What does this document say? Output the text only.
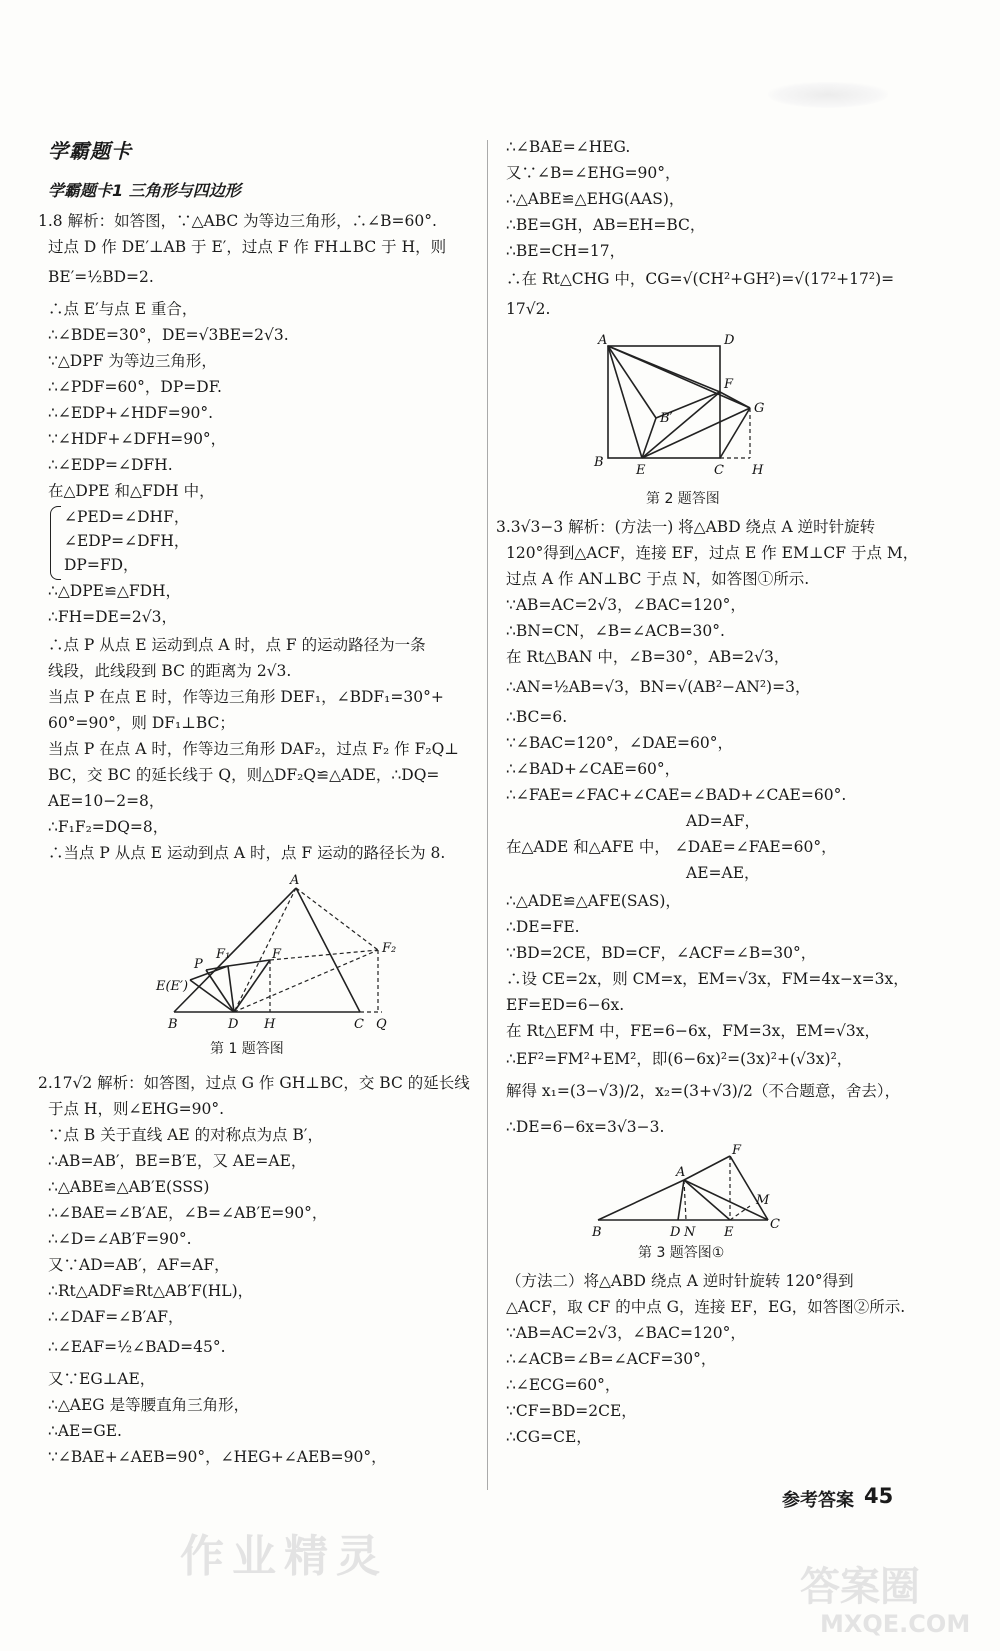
学霸题卡
学霸题卡1 三角形与四边形
1.8 解析：如答图，∵△ABC 为等边三角形，∴∠B=60°.
过点 D 作 DE′⊥AB 于 E′，过点 F 作 FH⊥BC 于 H，则
BE′=½BD=2.
∴点 E′与点 E 重合，
∴∠BDE=30°，DE=√3BE=2√3.
∵△DPF 为等边三角形，
∴∠PDF=60°，DP=DF.
∴∠EDP+∠HDF=90°.
∵∠HDF+∠DFH=90°，
∴∠EDP=∠DFH.
在△DPE 和△FDH 中，
∠PED=∠DHF，
∠EDP=∠DFH，
DP=FD，
∴△DPE≌△FDH，
∴FH=DE=2√3，
∴点 P 从点 E 运动到点 A 时，点 F 的运动路径为一条
线段，此线段到 BC 的距离为 2√3.
当点 P 在点 E 时，作等边三角形 DEF₁，∠BDF₁=30°+
60°=90°，则 DF₁⊥BC；
当点 P 在点 A 时，作等边三角形 DAF₂，过点 F₂ 作 F₂Q⊥
BC，交 BC 的延长线于 Q，则△DF₂Q≌△ADE，∴DQ=
AE=10−2=8，
∴F₁F₂=DQ=8，
∴当点 P 从点 E 运动到点 A 时，点 F 运动的路径长为 8.
A
P
F₁	F	F₂
E(E′)
B	D H	C Q
第 1 题答图
2.17√2 解析：如答图，过点 G 作 GH⊥BC，交 BC 的延长线
于点 H，则∠EHG=90°.
∵点 B 关于直线 AE 的对称点为点 B′，
∴AB=AB′，BE=B′E，又 AE=AE，
∴△ABE≌△AB′E(SSS)
∴∠BAE=∠B′AE，∠B=∠AB′E=90°，
∴∠D=∠AB′F=90°.
又∵AD=AB′，AF=AF，
∴Rt△ADF≌Rt△AB′F(HL)，
∴∠DAF=∠B′AF，
∴∠EAF=½∠BAD=45°.
又∵EG⊥AE，
∴△AEG 是等腰直角三角形，
∴AE=GE.
∵∠BAE+∠AEB=90°，∠HEG+∠AEB=90°，
∴∠BAE=∠HEG.
又∵∠B=∠EHG=90°，
∴△ABE≌△EHG(AAS)，
∴BE=GH，AB=EH=BC，
∴BE=CH=17，
∴在 Rt△CHG 中，CG=√(CH²+GH²)=√(17²+17²)=
17√2.
A	D
F
B′
G
B
E	C H
第 2 题答图
3.3√3−3 解析：(方法一) 将△ABD 绕点 A 逆时针旋转
120°得到△ACF，连接 EF，过点 E 作 EM⊥CF 于点 M，
过点 A 作 AN⊥BC 于点 N，如答图①所示.
∵AB=AC=2√3，∠BAC=120°，
∴BN=CN，∠B=∠ACB=30°.
在 Rt△BAN 中，∠B=30°，AB=2√3，
∴AN=½AB=√3，BN=√(AB²−AN²)=3，
∴BC=6.
∵∠BAC=120°，∠DAE=60°，
∴∠BAD+∠CAE=60°，
∴∠FAE=∠FAC+∠CAE=∠BAD+∠CAE=60°.
AD=AF，
在△ADE 和△AFE 中， ∠DAE=∠FAE=60°，
AE=AE，
∴△ADE≌△AFE(SAS)，
∴DE=FE.
∵BD=2CE，BD=CF，∠ACF=∠B=30°，
∴设 CE=2x，则 CM=x，EM=√3x，FM=4x−x=3x，
EF=ED=6−6x.
在 Rt△EFM 中，FE=6−6x，FM=3x，EM=√3x，
∴EF²=FM²+EM²，即(6−6x)²=(3x)²+(√3x)²，
解得 x₁=(3−√3)/2，x₂=(3+√3)/2（不合题意，舍去），
∴DE=6−6x=3√3−3.
F
A
M
B	D N E
C
第 3 题答图①
（方法二）将△ABD 绕点 A 逆时针旋转 120°得到
△ACF，取 CF 的中点 G，连接 EF，EG，如答图②所示.
∵AB=AC=2√3，∠BAC=120°，
∴∠ACB=∠B=∠ACF=30°，
∴∠ECG=60°，
∵CF=BD=2CE，
∴CG=CE，
参考答案 45
作业精灵
答案圈
MXQE.COM
